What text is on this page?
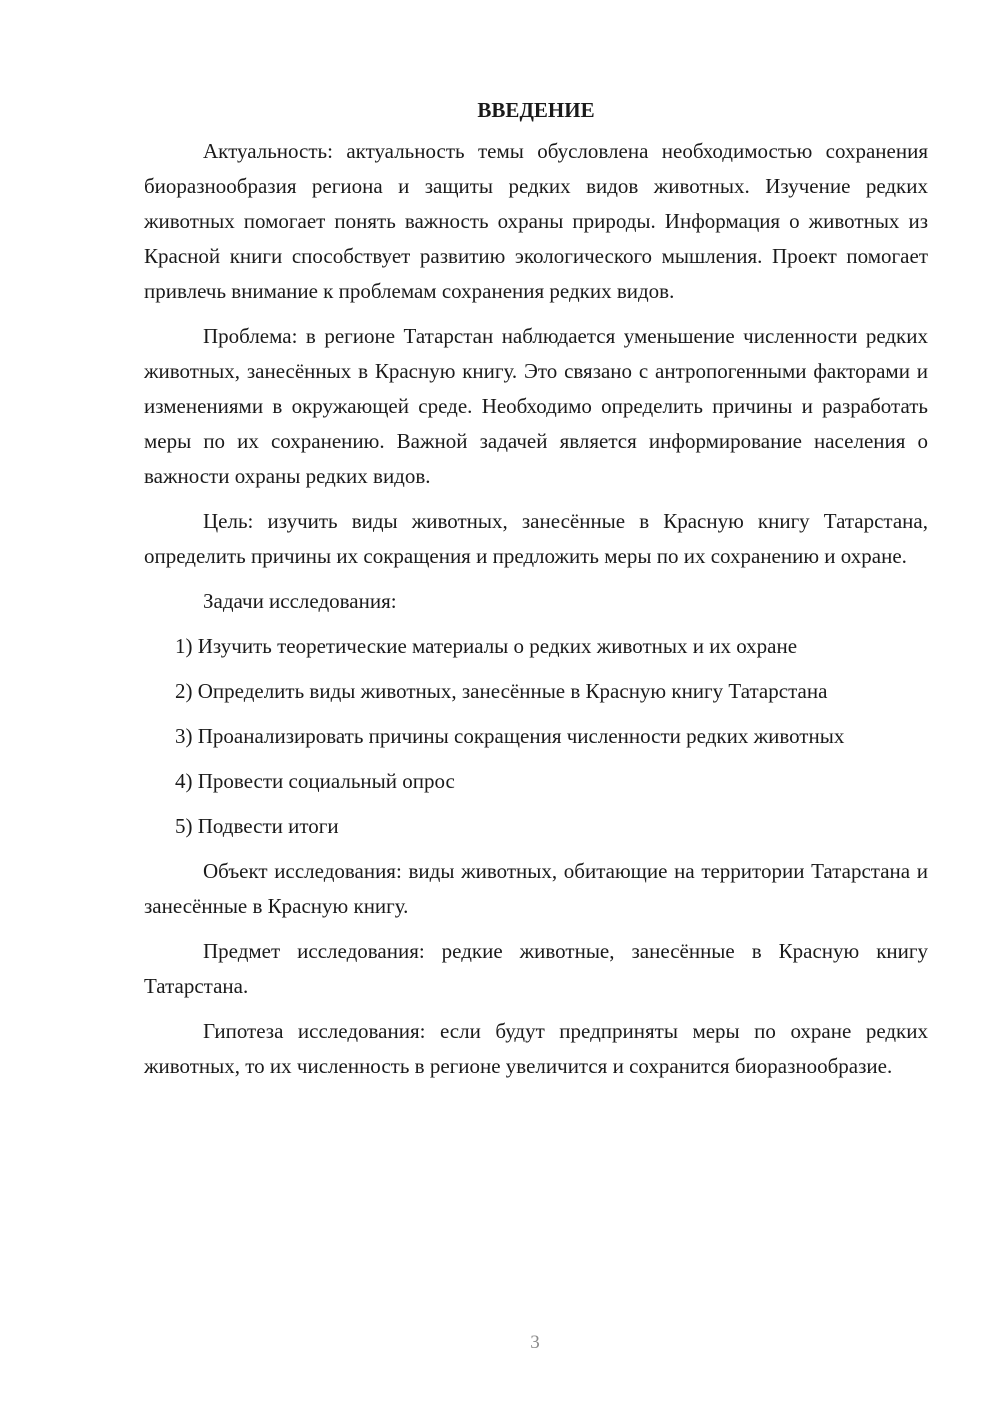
ВВЕДЕНИЕ

Актуальность: актуальность темы обусловлена необходимостью сохранения биоразнообразия региона и защиты редких видов животных. Изучение редких животных помогает понять важность охраны природы. Информация о животных из Красной книги способствует развитию экологического мышления. Проект помогает привлечь внимание к проблемам сохранения редких видов.

Проблема: в регионе Татарстан наблюдается уменьшение численности редких животных, занесённых в Красную книгу. Это связано с антропогенными факторами и изменениями в окружающей среде. Необходимо определить причины и разработать меры по их сохранению. Важной задачей является информирование населения о важности охраны редких видов.

Цель: изучить виды животных, занесённые в Красную книгу Татарстана, определить причины их сокращения и предложить меры по их сохранению и охране.

Задачи исследования:

1) Изучить теоретические материалы о редких животных и их охране

2) Определить виды животных, занесённые в Красную книгу Татарстана

3) Проанализировать причины сокращения численности редких животных

4) Провести социальный опрос

5) Подвести итоги

Объект исследования: виды животных, обитающие на территории Татарстана и занесённые в Красную книгу.

Предмет исследования: редкие животные, занесённые в Красную книгу Татарстана.

Гипотеза исследования: если будут предприняты меры по охране редких животных, то их численность в регионе увеличится и сохранится биоразнообразие.

3
